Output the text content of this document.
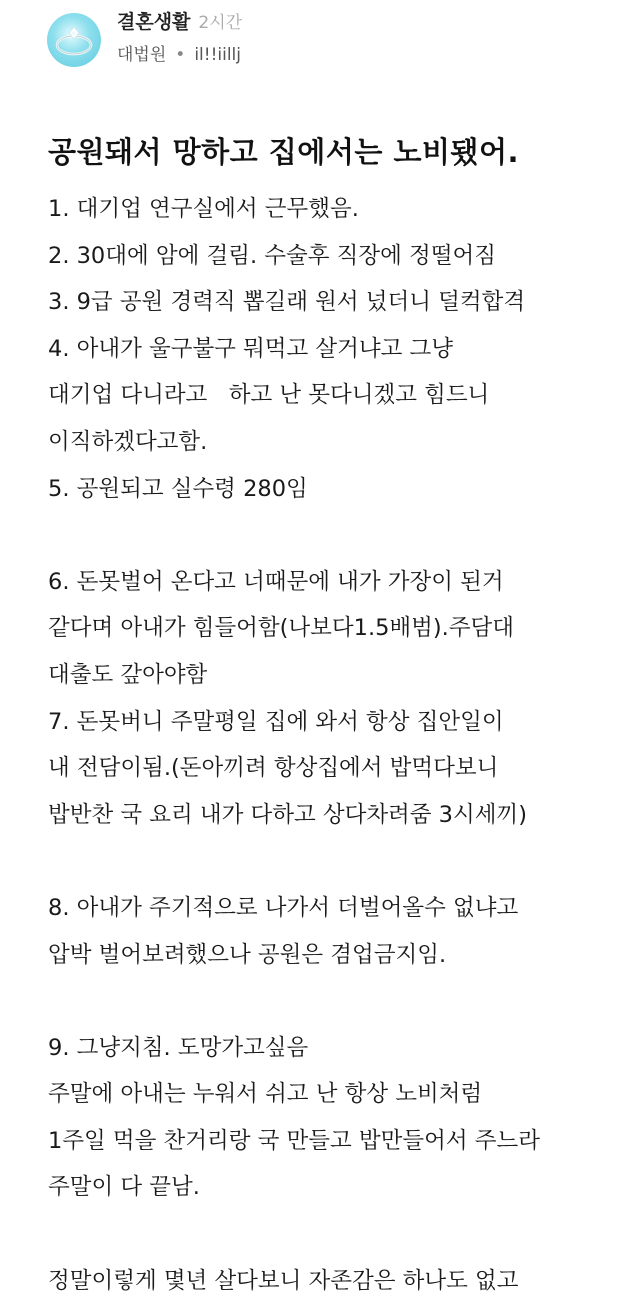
결혼생활 2시간
대법원 • il!!iillj
공원돼서 망하고 집에서는 노비됐어.
1. 대기업 연구실에서 근무했음.
2. 30대에 암에 걸림. 수술후 직장에 정떨어짐
3. 9급 공원 경력직 뽑길래 원서 넜더니 덜컥합격
4. 아내가 울구불구 뭐먹고 살거냐고 그냥
대기업 다니라고   하고 난 못다니겠고 힘드니
이직하겠다고함.
5. 공원되고 실수령 280임
6. 돈못벌어 온다고 너때문에 내가 가장이 된거
같다며 아내가 힘들어함(나보다1.5배범).주담대
대출도 갚아야함
7. 돈못버니 주말평일 집에 와서 항상 집안일이
내 전담이됨.(돈아끼려 항상집에서 밥먹다보니
밥반찬 국 요리 내가 다하고 상다차려줌 3시세끼)
8. 아내가 주기적으로 나가서 더벌어올수 없냐고
압박 벌어보려했으나 공원은 겸업금지임.
9. 그냥지침. 도망가고싶음
주말에 아내는 누워서 쉬고 난 항상 노비처럼
1주일 먹을 찬거리랑 국 만들고 밥만들어서 주느라
주말이 다 끝남.
정말이렇게 몇년 살다보니 자존감은 하나도 없고
